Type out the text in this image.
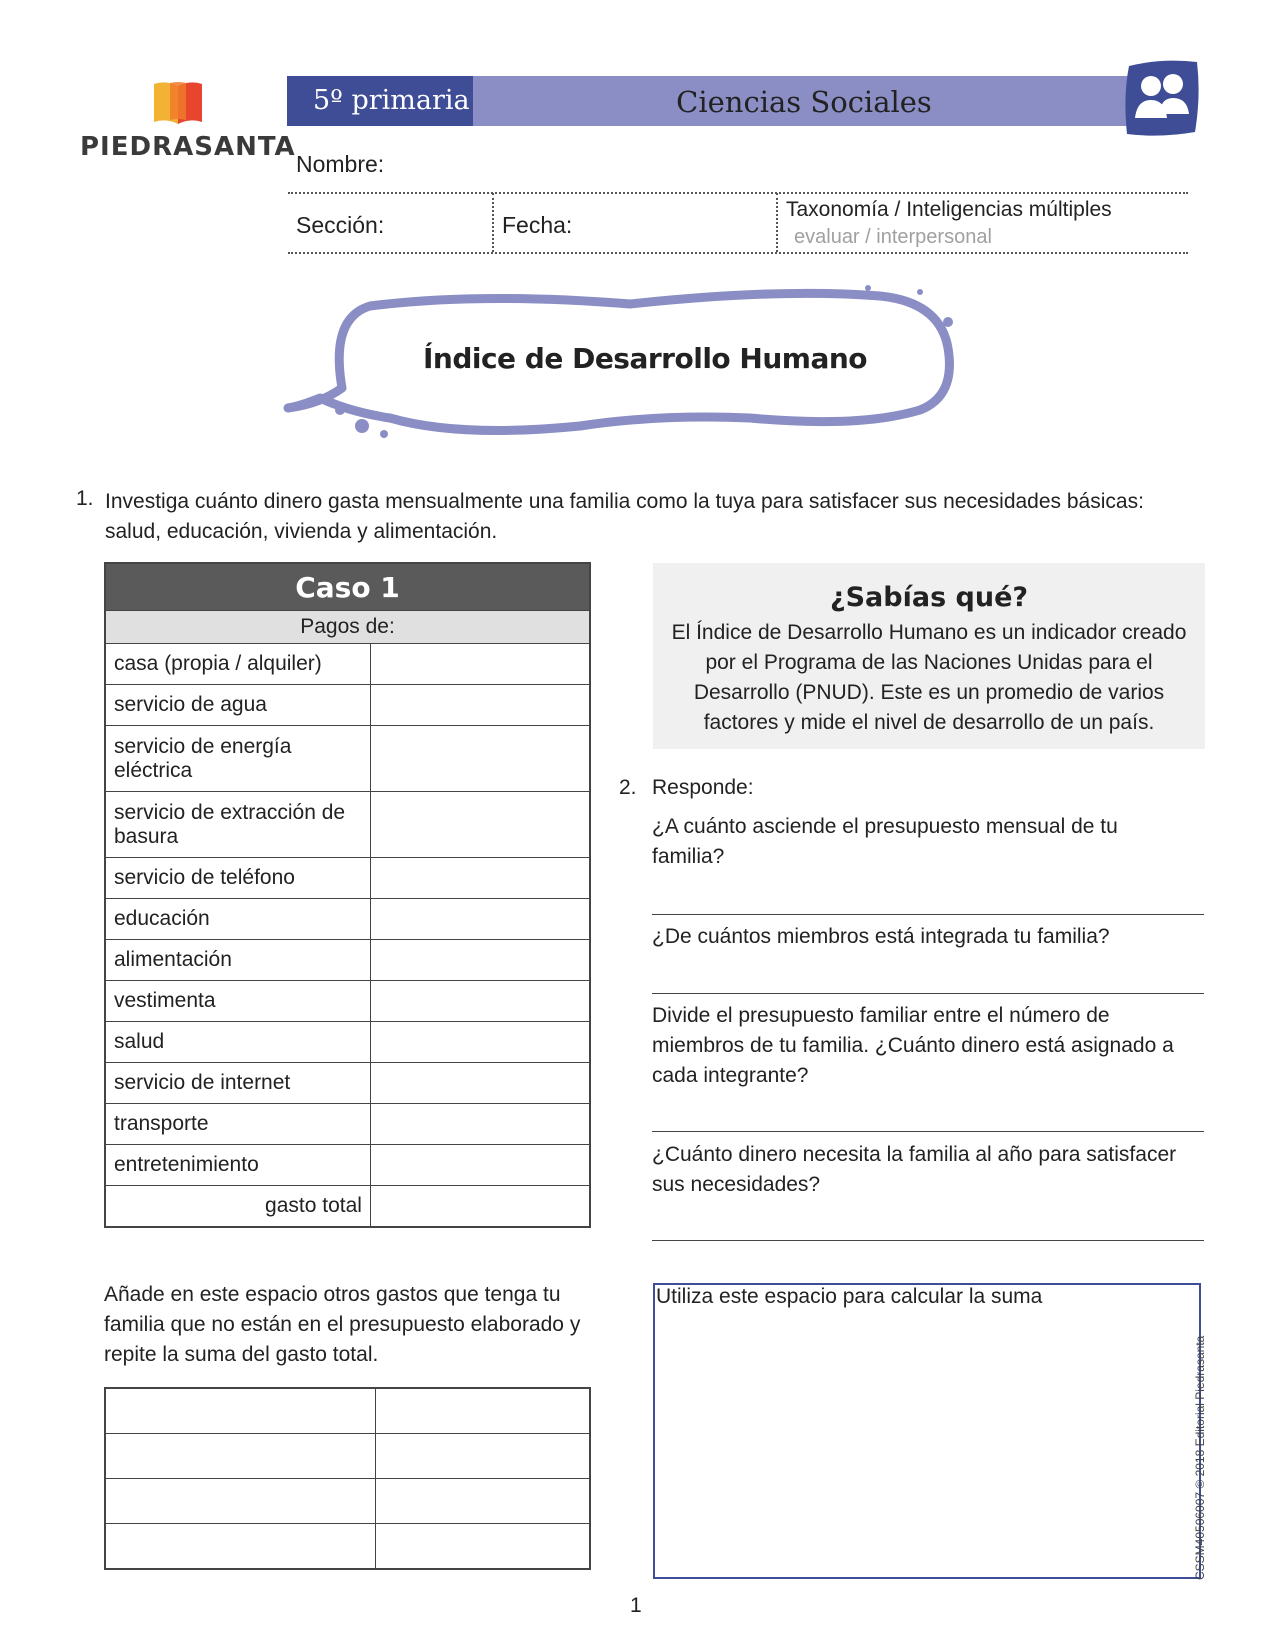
PIEDRASANTA
5º primaria	Ciencias Sociales
Nombre:
Sección:	Fecha:
Taxonomía / Inteligencias múltiples
evaluar / interpersonal
Índice de Desarrollo Humano
1. Investiga cuánto dinero gasta mensualmente una familia como la tuya para satisfacer sus necesidades básicas: salud, educación, vivienda y alimentación.
Caso 1	
Pagos de:	
casa (propia / alquiler)	
servicio de agua	
servicio de energía eléctrica	
servicio de extracción de basura	
servicio de teléfono	
educación	
alimentación	
vestimenta	
salud	
servicio de internet	
transporte	
entretenimiento	
gasto total	
¿Sabías qué?
El Índice de Desarrollo Humano es un indicador creado por el Programa de las Naciones Unidas para el Desarrollo (PNUD). Este es un promedio de varios factores y mide el nivel de desarrollo de un país.
2. Responde:
¿A cuánto asciende el presupuesto mensual de tu familia?
¿De cuántos miembros está integrada tu familia?
Divide el presupuesto familiar entre el número de miembros de tu familia. ¿Cuánto dinero está asignado a cada integrante?
¿Cuánto dinero necesita la familia al año para satisfacer sus necesidades?
Añade en este espacio otros gastos que tenga tu familia que no están en el presupuesto elaborado y repite la suma del gasto total.

Utiliza este espacio para calcular la suma
CSSM40506007 © 2018 Editorial Piedrasanta
1
